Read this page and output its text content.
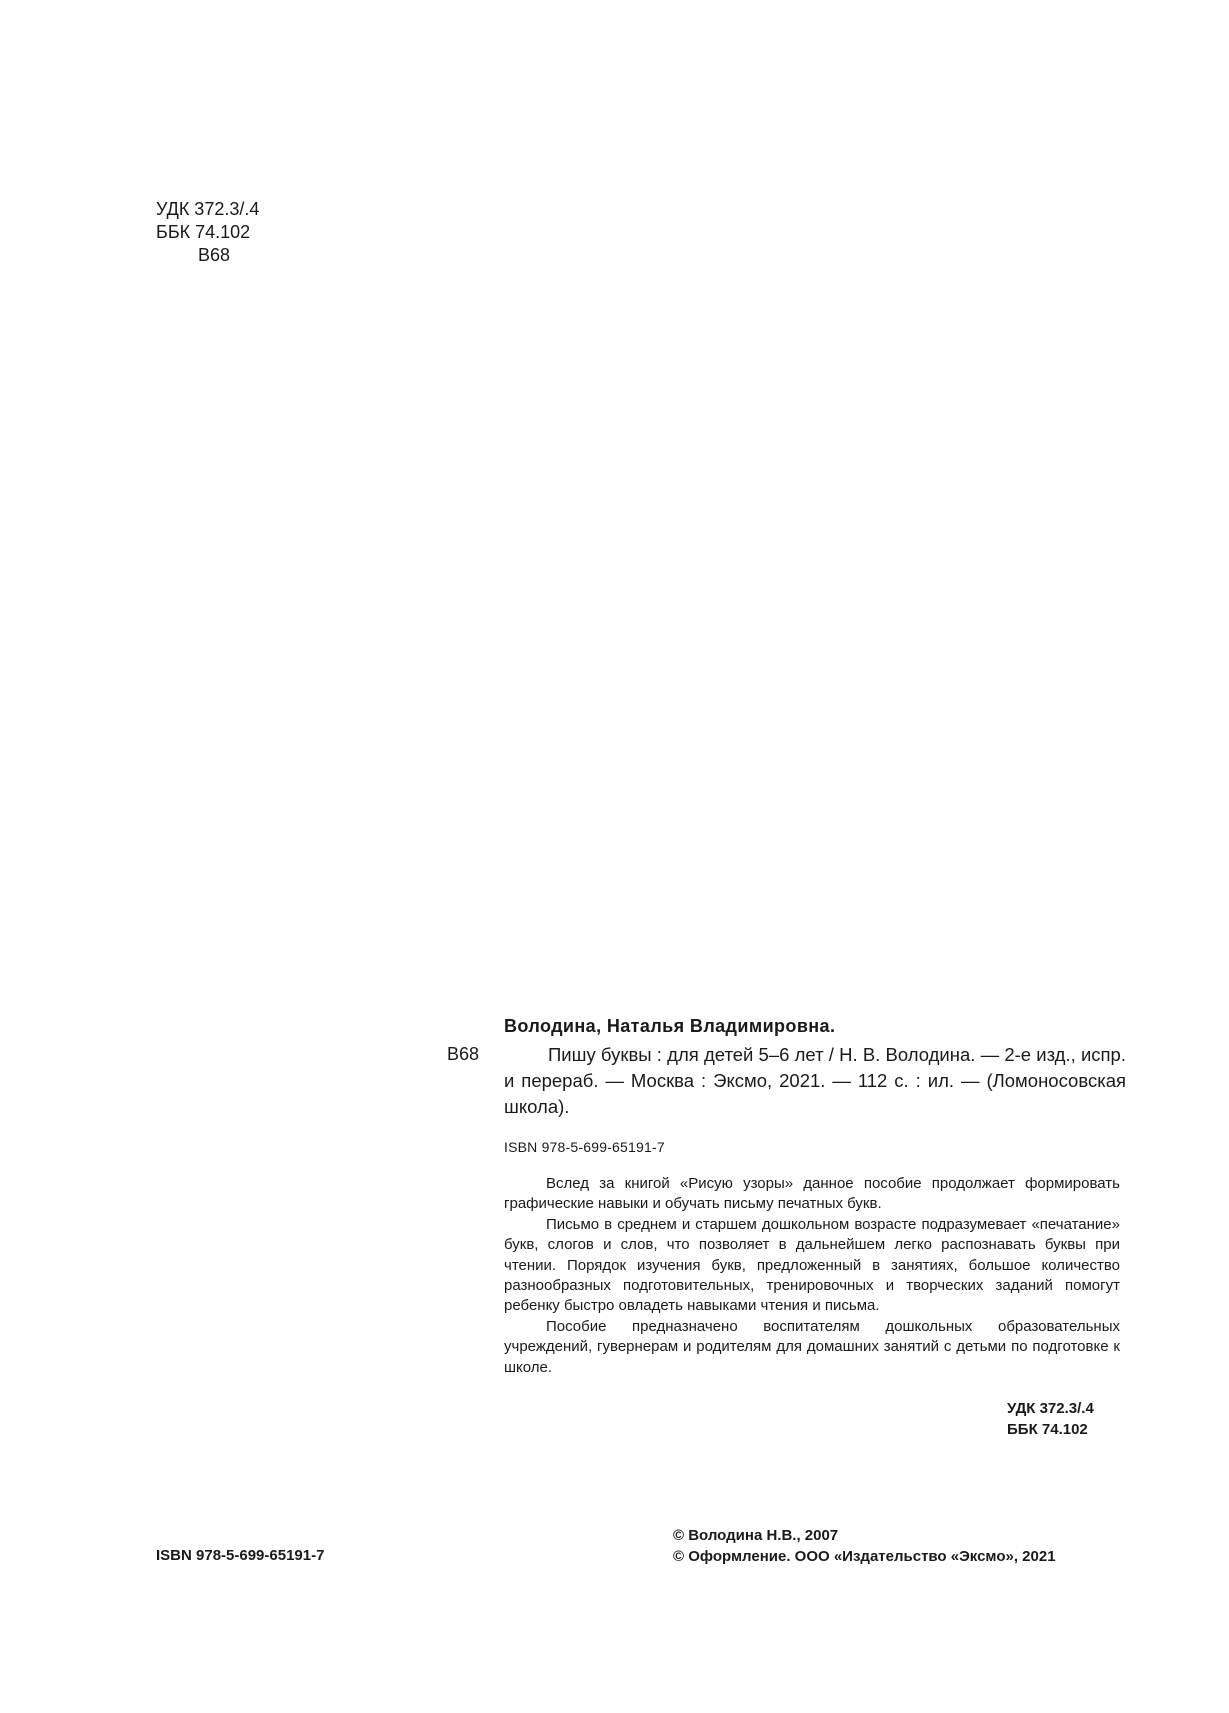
УДК 372.3/.4
ББК 74.102
В68
Володина, Наталья Владимировна.
В68	Пишу буквы : для детей 5–6 лет / Н. В. Володина. — 2-е изд., испр. и перераб. — Москва : Эксмо, 2021. — 112 с. : ил. — (Ломоносовская школа).

ISBN 978-5-699-65191-7

Вслед за книгой «Рисую узоры» данное пособие продолжает формировать графические навыки и обучать письму печатных букв.

Письмо в среднем и старшем дошкольном возрасте подразумевает «печатание» букв, слогов и слов, что позволяет в дальнейшем легко распознавать буквы при чтении. Порядок изучения букв, предложенный в занятиях, большое количество разнообразных подготовительных, тренировочных и творческих заданий помогут ребенку быстро овладеть навыками чтения и письма.

Пособие предназначено воспитателям дошкольных образовательных учреждений, гувернерам и родителям для домашних занятий с детьми по подготовке к школе.

УДК 372.3/.4
ББК 74.102
ISBN 978-5-699-65191-7
© Володина Н.В., 2007
© Оформление. ООО «Издательство «Эксмо», 2021
